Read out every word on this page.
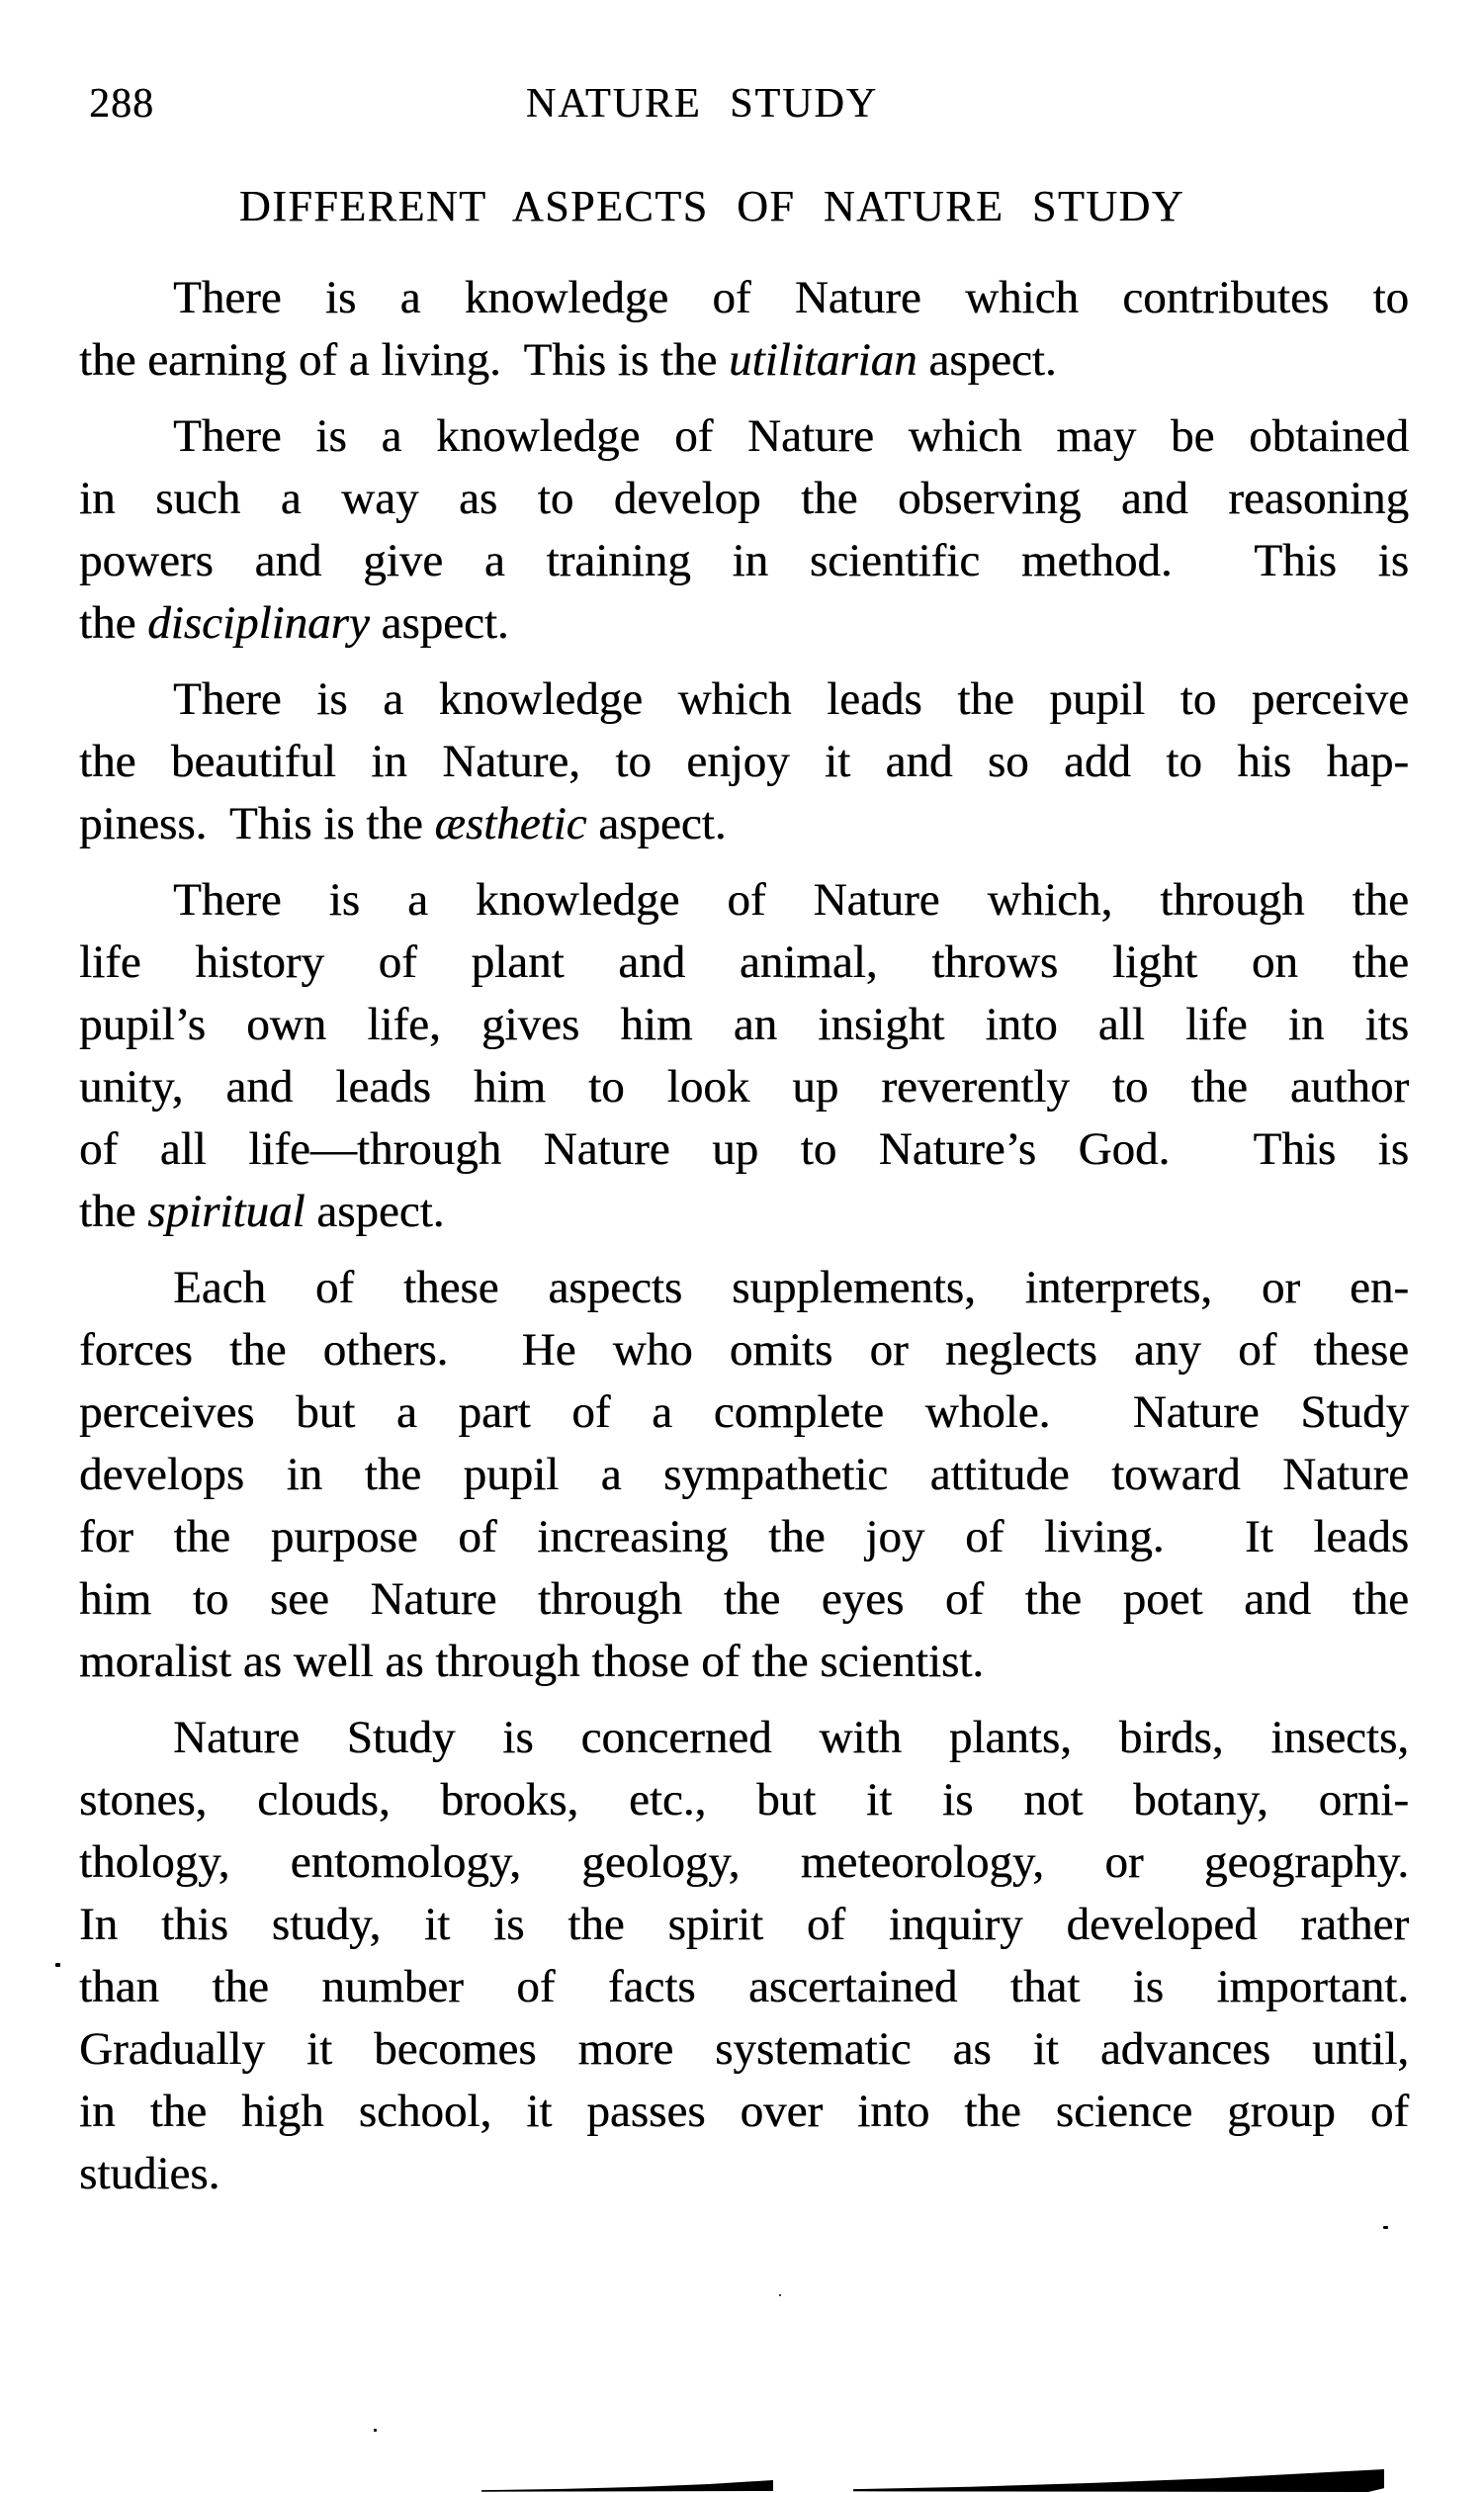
288	NATURE STUDY
DIFFERENT ASPECTS OF NATURE STUDY
There is a knowledge of Nature which contributes to
the earning of a living.  This is the utilitarian aspect.
There is a knowledge of Nature which may be obtained
in such a way as to develop the observing and reasoning
powers and give a training in scientific method.  This is
the disciplinary aspect.
There is a knowledge which leads the pupil to perceive
the beautiful in Nature, to enjoy it and so add to his hap-
piness.  This is the æsthetic aspect.
There is a knowledge of Nature which, through the
life history of plant and animal, throws light on the
pupil’s own life, gives him an insight into all life in its
unity, and leads him to look up reverently to the author
of all life—through Nature up to Nature’s God.  This is
the spiritual aspect.
Each of these aspects supplements, interprets, or en-
forces the others.  He who omits or neglects any of these
perceives but a part of a complete whole.  Nature Study
develops in the pupil a sympathetic attitude toward Nature
for the purpose of increasing the joy of living.  It leads
him to see Nature through the eyes of the poet and the
moralist as well as through those of the scientist.
Nature Study is concerned with plants, birds, insects,
stones, clouds, brooks, etc., but it is not botany, orni-
thology, entomology, geology, meteorology, or geography.
In this study, it is the spirit of inquiry developed rather
than the number of facts ascertained that is important.
Gradually it becomes more systematic as it advances until,
in the high school, it passes over into the science group of
studies.
